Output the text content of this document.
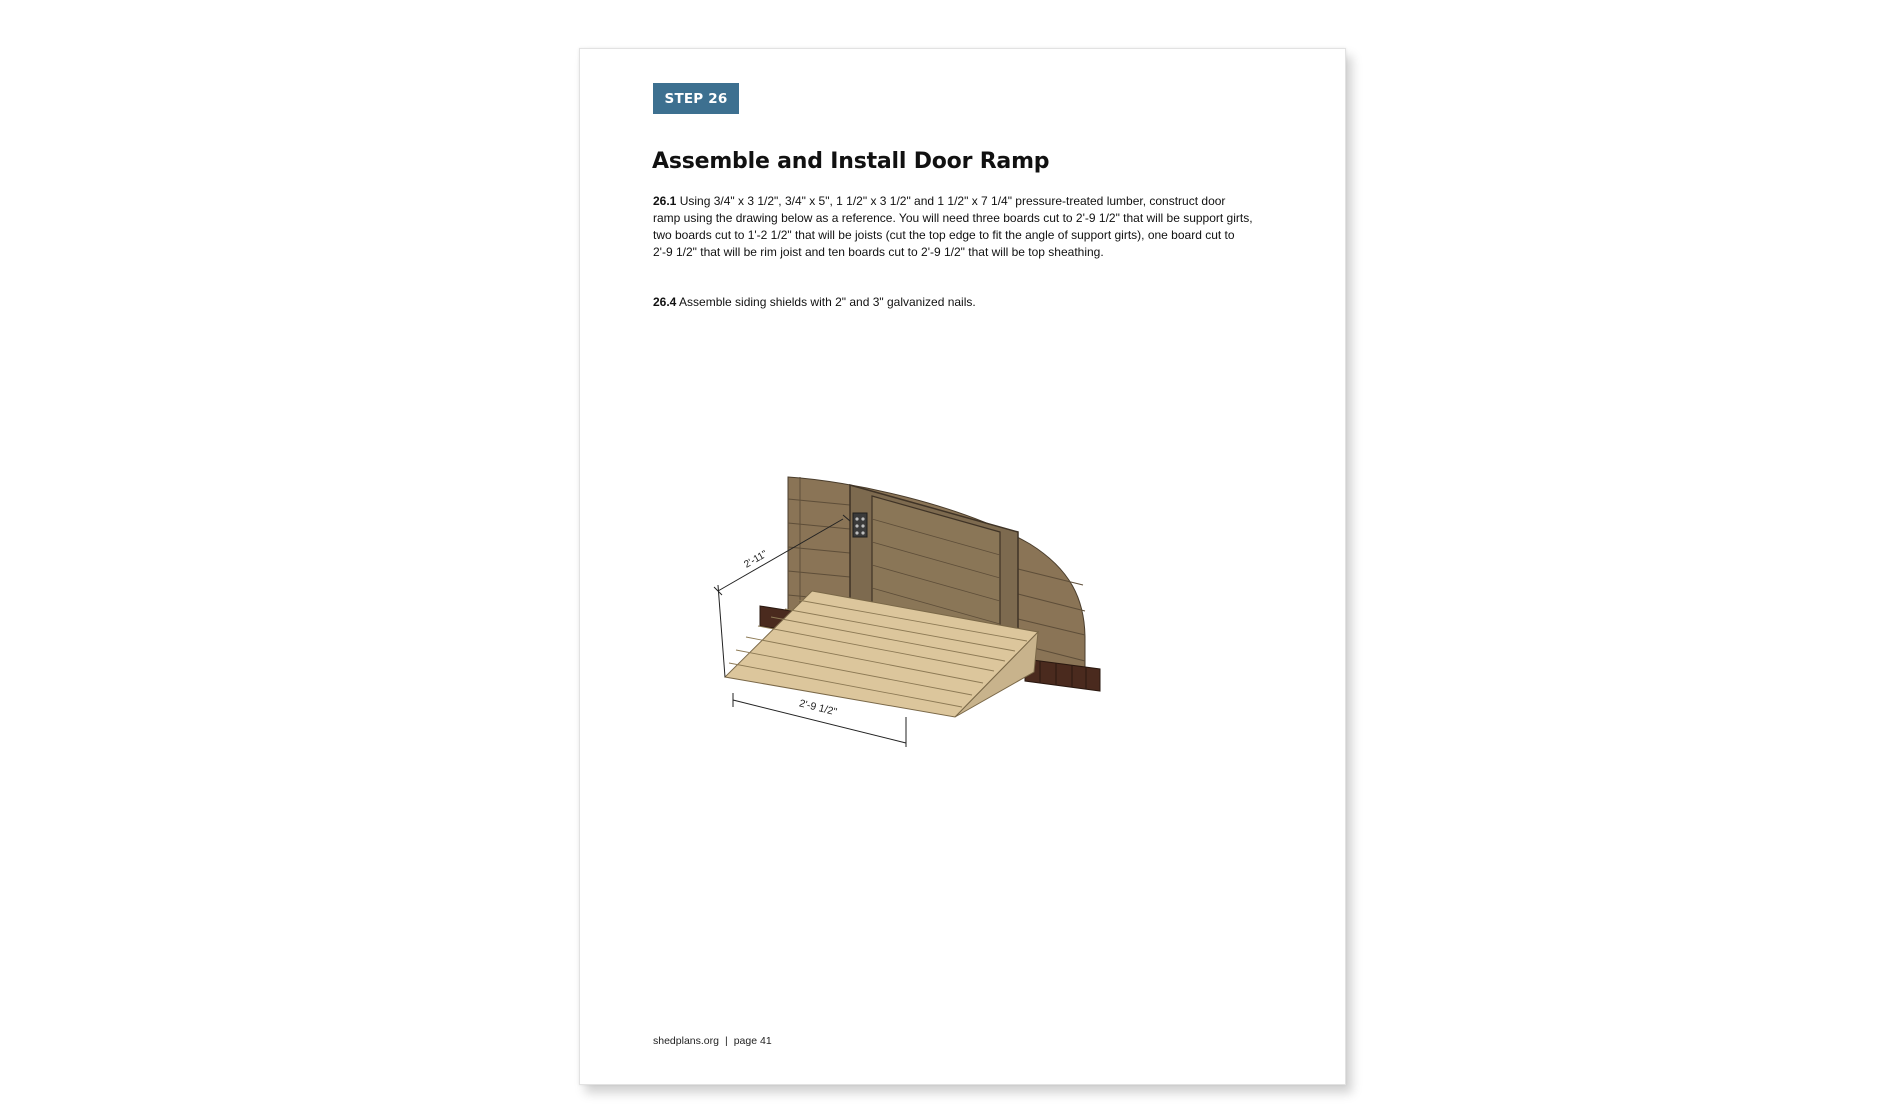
STEP 26
Assemble and Install Door Ramp

26.1 Using 3/4" x 3 1/2", 3/4" x 5", 1 1/2" x 3 1/2" and 1 1/2" x 7 1/4" pressure-treated lumber, construct door ramp using the drawing below as a reference. You will need three boards cut to 2'-9 1/2" that will be support girts, two boards cut to 1'-2 1/2" that will be joists (cut the top edge to fit the angle of support girts), one board cut to 2'-9 1/2" that will be rim joist and ten boards cut to 2'-9 1/2" that will be top sheathing.

26.4 Assemble siding shields with 2" and 3" galvanized nails.

2'-11"
2'-9 1/2"
shedplans.org | page 41
